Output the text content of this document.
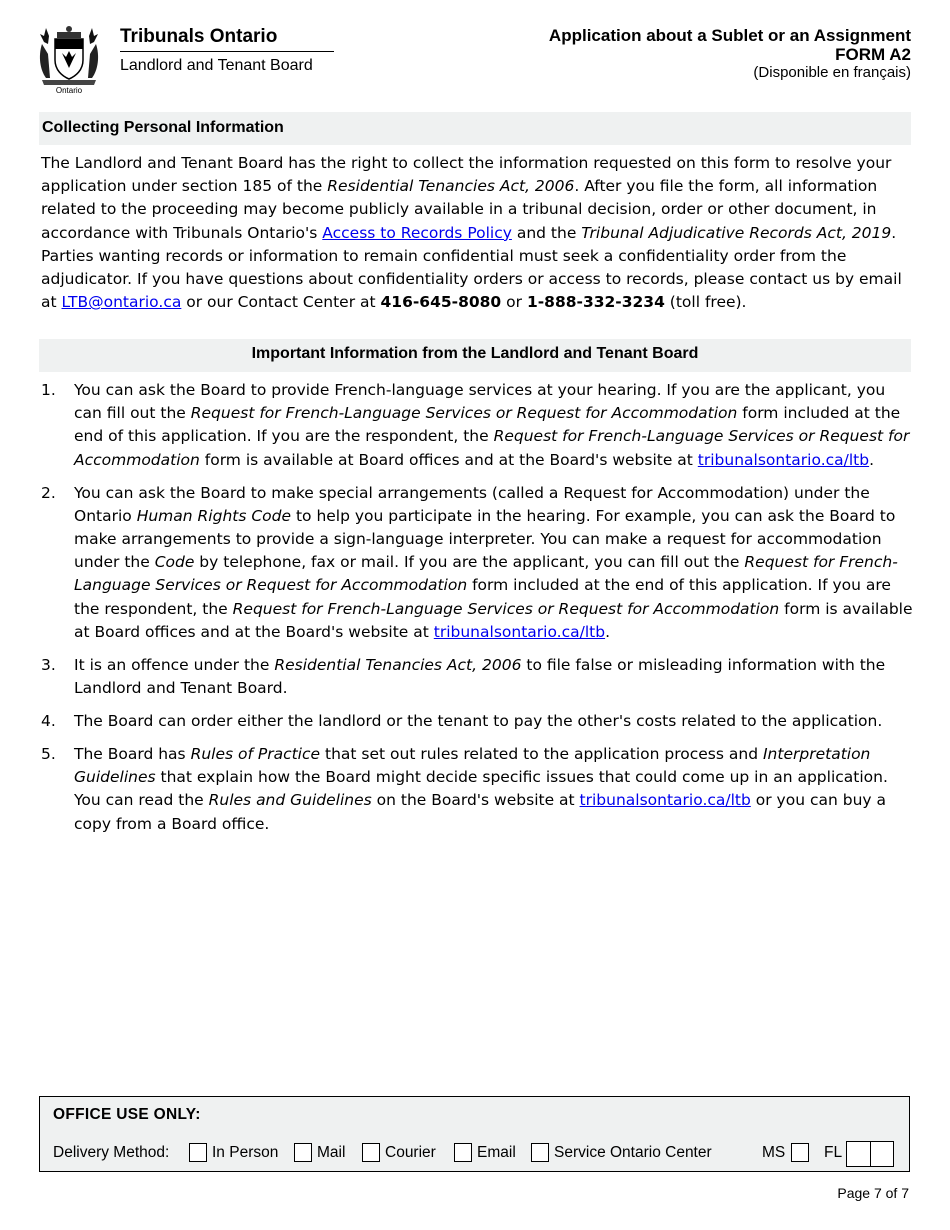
Ontario
Tribunals Ontario
Landlord and Tenant Board
Application about a Sublet or an Assignment
FORM A2
(Disponible en français)
Collecting Personal Information
The Landlord and Tenant Board has the right to collect the information requested on this form to resolve your application under section 185 of the Residential Tenancies Act, 2006. After you file the form, all information related to the proceeding may become publicly available in a tribunal decision, order or other document, in accordance with Tribunals Ontario's Access to Records Policy and the Tribunal Adjudicative Records Act, 2019. Parties wanting records or information to remain confidential must seek a confidentiality order from the adjudicator. If you have questions about confidentiality orders or access to records, please contact us by email at LTB@ontario.ca or our Contact Center at 416-645-8080 or 1-888-332-3234 (toll free).
Important Information from the Landlord and Tenant Board
1. You can ask the Board to provide French-language services at your hearing. If you are the applicant, you can fill out the Request for French-Language Services or Request for Accommodation form included at the end of this application. If you are the respondent, the Request for French-Language Services or Request for Accommodation form is available at Board offices and at the Board's website at tribunalsontario.ca/ltb.
2. You can ask the Board to make special arrangements (called a Request for Accommodation) under the Ontario Human Rights Code to help you participate in the hearing. For example, you can ask the Board to make arrangements to provide a sign-language interpreter. You can make a request for accommodation under the Code by telephone, fax or mail. If you are the applicant, you can fill out the Request for French-Language Services or Request for Accommodation form included at the end of this application. If you are the respondent, the Request for French-Language Services or Request for Accommodation form is available at Board offices and at the Board's website at tribunalsontario.ca/ltb.
3. It is an offence under the Residential Tenancies Act, 2006 to file false or misleading information with the Landlord and Tenant Board.
4. The Board can order either the landlord or the tenant to pay the other's costs related to the application.
5. The Board has Rules of Practice that set out rules related to the application process and Interpretation Guidelines that explain how the Board might decide specific issues that could come up in an application. You can read the Rules and Guidelines on the Board's website at tribunalsontario.ca/ltb or you can buy a copy from a Board office.
OFFICE USE ONLY:
Delivery Method:	In Person Mail	Courier	Email Service Ontario Center	MS	FL
Page 7 of 7
